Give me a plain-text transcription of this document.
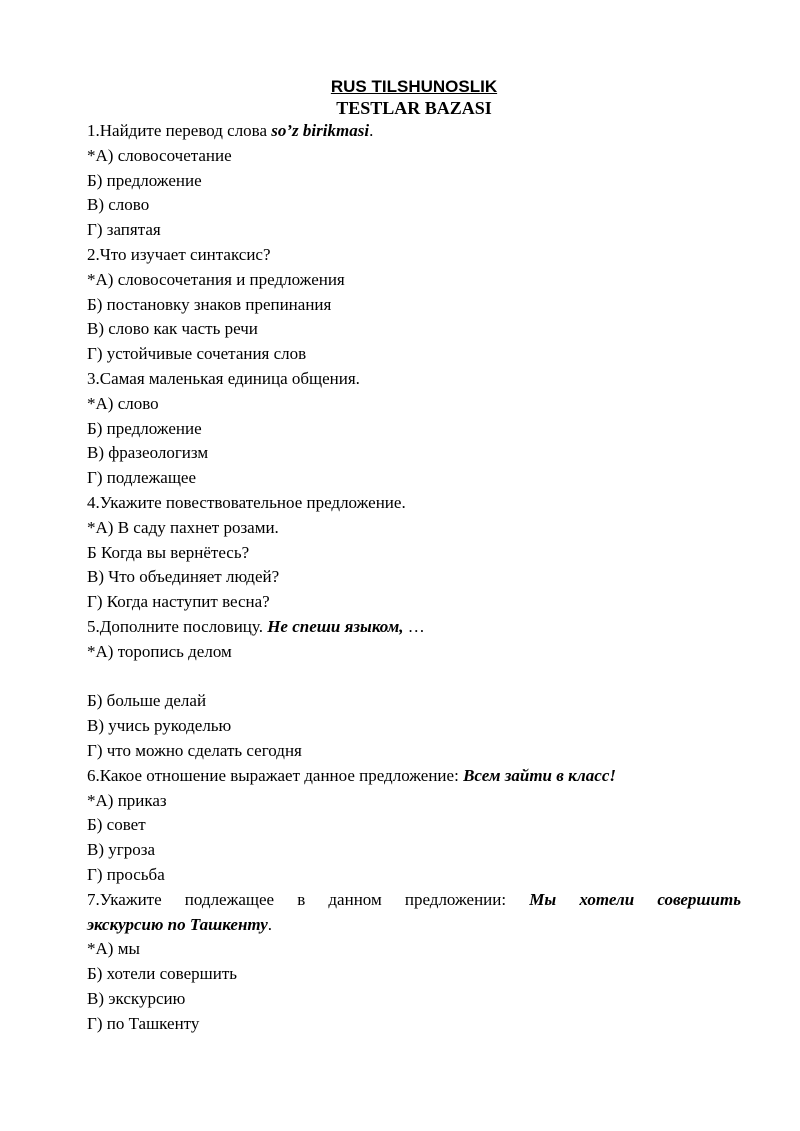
RUS TILSHUNOSLIK
TESTLAR BAZASI
1.Найдите перевод слова so’z birikmasi.
*А) словосочетание
Б) предложение
В) слово
Г) запятая
2.Что изучает синтаксис?
*А) словосочетания и предложения
Б) постановку знаков препинания
В) слово как часть речи
Г) устойчивые сочетания слов
3.Самая маленькая единица общения.
*А) слово
Б) предложение
В) фразеологизм
Г) подлежащее
4.Укажите повествовательное предложение.
*А) В саду пахнет розами.
Б Когда вы вернётесь?
В) Что объединяет людей?
Г) Когда наступит весна?
5.Дополните пословицу. Не спеши языком, …
*А) торопись делом
Б) больше делай
В) учись рукоделью
Г) что можно сделать сегодня
6.Какое отношение выражает данное предложение: Всем зайти в класс!
*А) приказ
Б) совет
В) угроза
Г) просьба
7.Укажите подлежащее в данном предложении: Мы хотели совершить
экскурсию по Ташкенту.
*А) мы
Б) хотели совершить
В) экскурсию
Г) по Ташкенту
